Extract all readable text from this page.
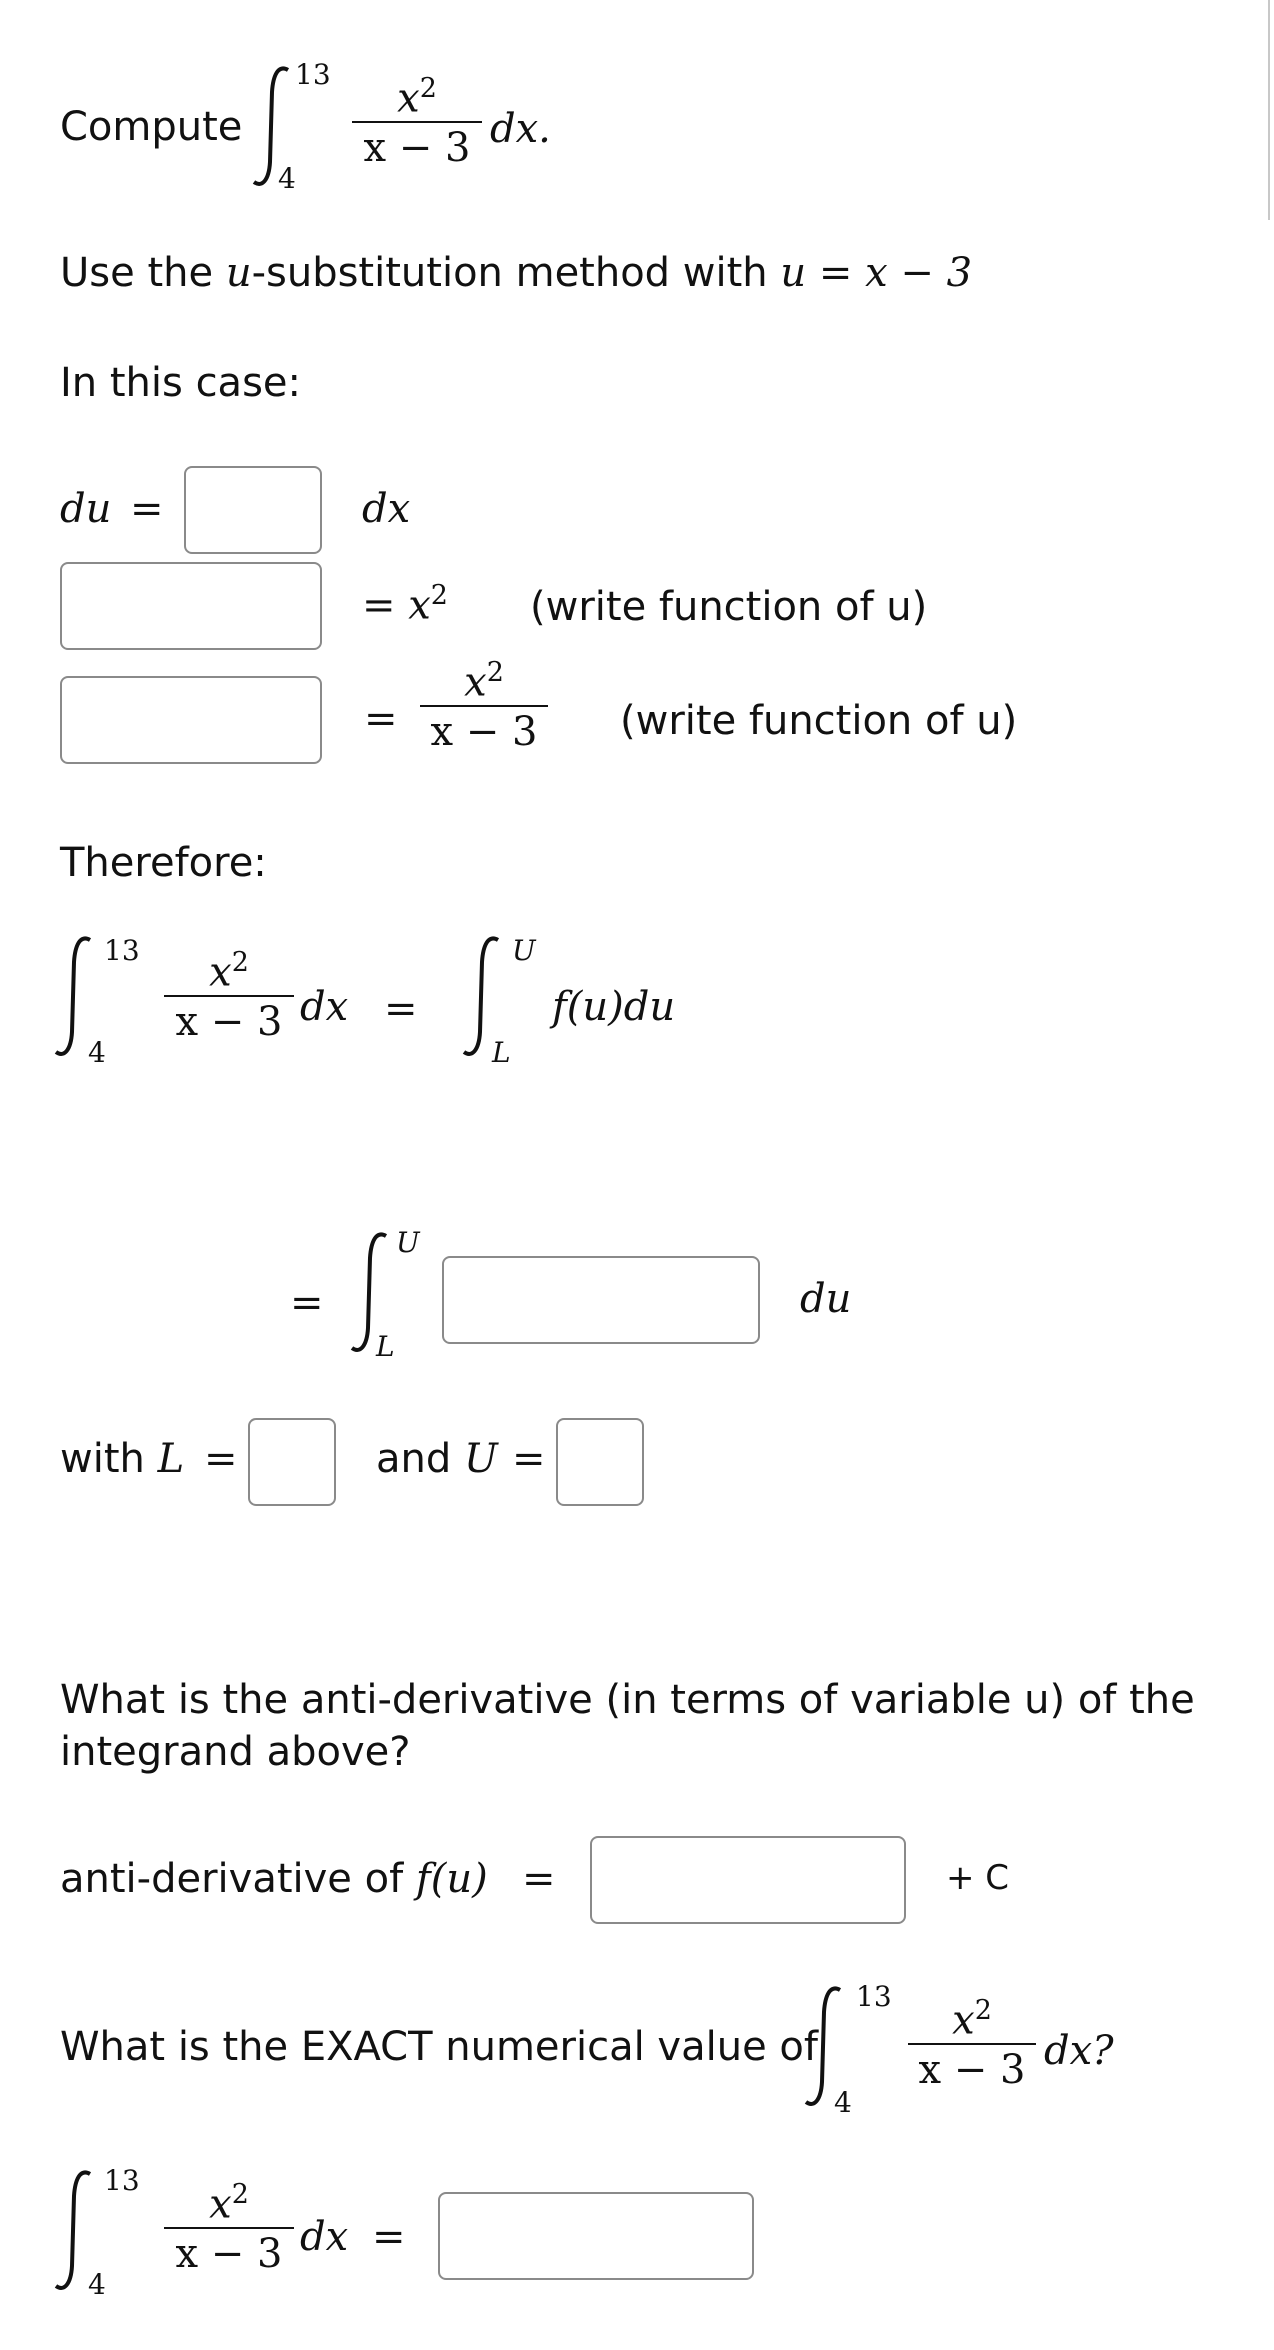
Compute
13
4
$x^2$
x − 3 dx.
Use the u-substitution method with u = x − 3
In this case:
du =	dx
= $x^2$ (write function of u)
=
$x^2$
x − 3 (write function of u)
Therefore:
13
4
$x^2$
x − 3 dx =
U
L
f(u)du
=
U
L
du
with L =	and U =
What is the anti-derivative (in terms of variable u) of the integrand above?
anti-derivative of f(u) =	+ C
What is the EXACT numerical value of
13
4
$x^2$
x − 3 dx?
13
4
$x^2$
x − 3 dx =
